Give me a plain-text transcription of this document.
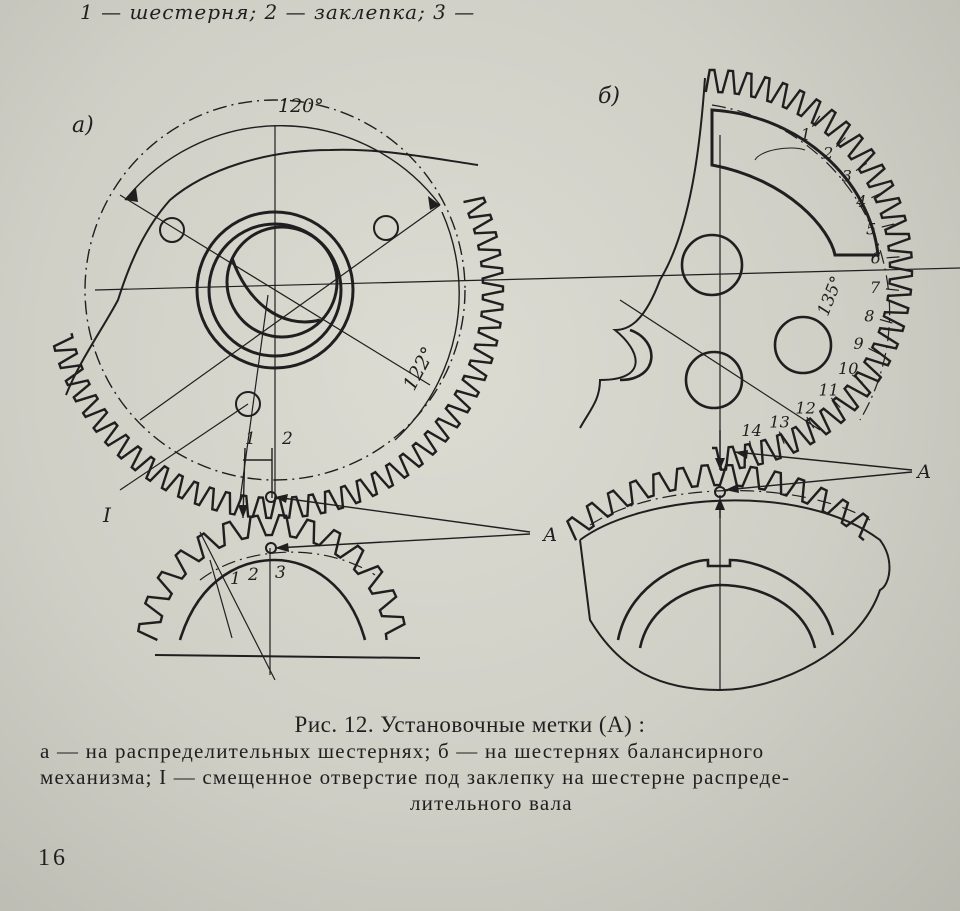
1 — шестерня; 2 — заклепка; 3 —
а)
б)
120°
122°
135°
I
А
А
1 2
1 2 3
1
2
3
4
5
6
7
8
9
10
11
12
13
14
Рис. 12. Установочные метки (А) :
а — на распределительных шестернях; б — на шестернях балансирного
механизма; I — смещенное отверстие под заклепку на шестерне распреде-
лительного вала
16
